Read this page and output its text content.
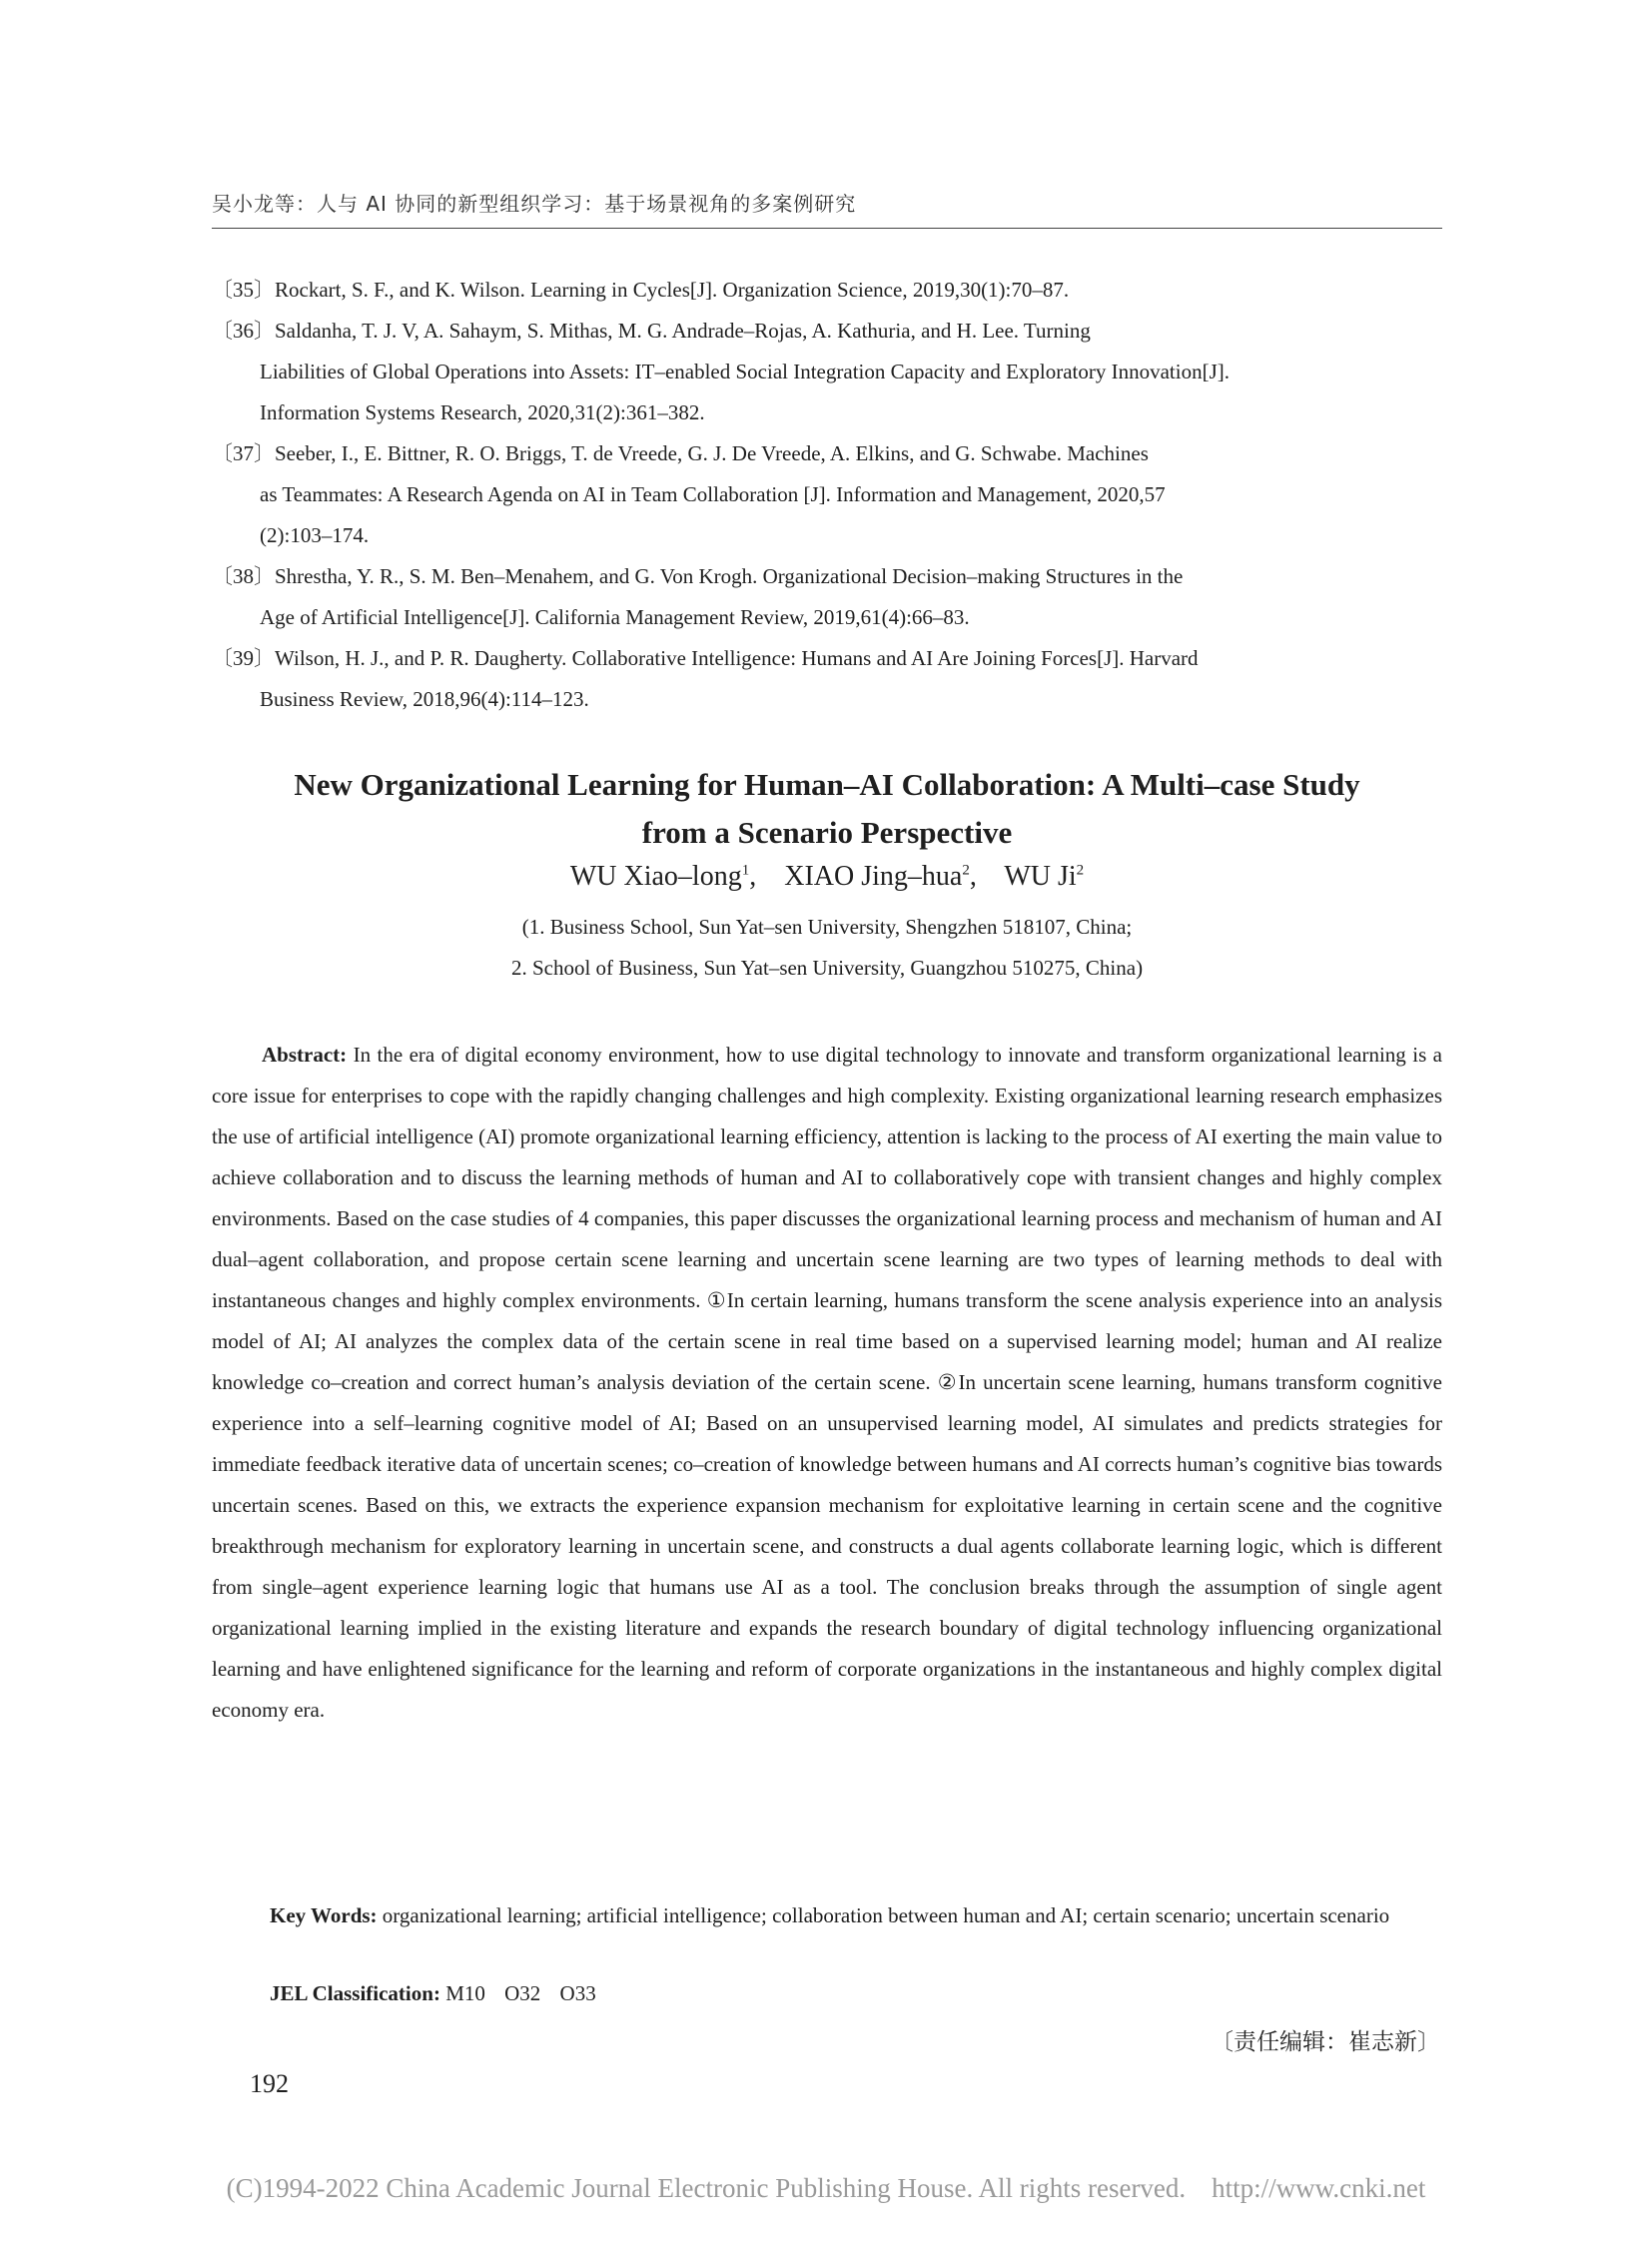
吴小龙等：人与 AI 协同的新型组织学习：基于场景视角的多案例研究
〔35〕Rockart, S. F., and K. Wilson. Learning in Cycles[J]. Organization Science, 2019,30(1):70–87.
〔36〕Saldanha, T. J. V, A. Sahaym, S. Mithas, M. G. Andrade–Rojas, A. Kathuria, and H. Lee. Turning
Liabilities of Global Operations into Assets: IT–enabled Social Integration Capacity and Exploratory Innovation[J].
Information Systems Research, 2020,31(2):361–382.
〔37〕Seeber, I., E. Bittner, R. O. Briggs, T. de Vreede, G. J. De Vreede, A. Elkins, and G. Schwabe. Machines
as Teammates: A Research Agenda on AI in Team Collaboration [J]. Information and Management, 2020,57
(2):103–174.
〔38〕Shrestha, Y. R., S. M. Ben–Menahem, and G. Von Krogh. Organizational Decision–making Structures in the
Age of Artificial Intelligence[J]. California Management Review, 2019,61(4):66–83.
〔39〕Wilson, H. J., and P. R. Daugherty. Collaborative Intelligence: Humans and AI Are Joining Forces[J]. Harvard
Business Review, 2018,96(4):114–123.
New Organizational Learning for Human–AI Collaboration: A Multi–case Study
from a Scenario Perspective
WU Xiao–long$^1$,    XIAO Jing–hua$^2$,    WU Ji$^2$
(1. Business School, Sun Yat–sen University, Shengzhen 518107, China;
2. School of Business, Sun Yat–sen University, Guangzhou 510275, China)
Abstract: In the era of digital economy environment, how to use digital technology to innovate and transform organizational learning is a core issue for enterprises to cope with the rapidly changing challenges and high complexity. Existing organizational learning research emphasizes the use of artificial intelligence (AI) promote organizational learning efficiency, attention is lacking to the process of AI exerting the main value to achieve collaboration and to discuss the learning methods of human and AI to collaboratively cope with transient changes and highly complex environments. Based on the case studies of 4 companies, this paper discusses the organizational learning process and mechanism of human and AI dual–agent collaboration, and propose certain scene learning and uncertain scene learning are two types of learning methods to deal with instantaneous changes and highly complex environments. ①In certain learning, humans transform the scene analysis experience into an analysis model of AI; AI analyzes the complex data of the certain scene in real time based on a supervised learning model; human and AI realize knowledge co–creation and correct human’s analysis deviation of the certain scene. ②In uncertain scene learning, humans transform cognitive experience into a self–learning cognitive model of AI; Based on an unsupervised learning model, AI simulates and predicts strategies for immediate feedback iterative data of uncertain scenes; co–creation of knowledge between humans and AI corrects human’s cognitive bias towards uncertain scenes. Based on this, we extracts the experience expansion mechanism for exploitative learning in certain scene and the cognitive breakthrough mechanism for exploratory learning in uncertain scene, and constructs a dual agents collaborate learning logic, which is different from single–agent experience learning logic that humans use AI as a tool. The conclusion breaks through the assumption of single agent organizational learning implied in the existing literature and expands the research boundary of digital technology influencing organizational learning and have enlightened significance for the learning and reform of corporate organizations in the instantaneous and highly complex digital economy era.
Key Words: organizational learning; artificial intelligence; collaboration between human and AI; certain scenario; uncertain scenario
JEL Classification: M10 O32 O33
〔责任编辑：崔志新〕
192
(C)1994-2022 China Academic Journal Electronic Publishing House. All rights reserved. http://www.cnki.net
